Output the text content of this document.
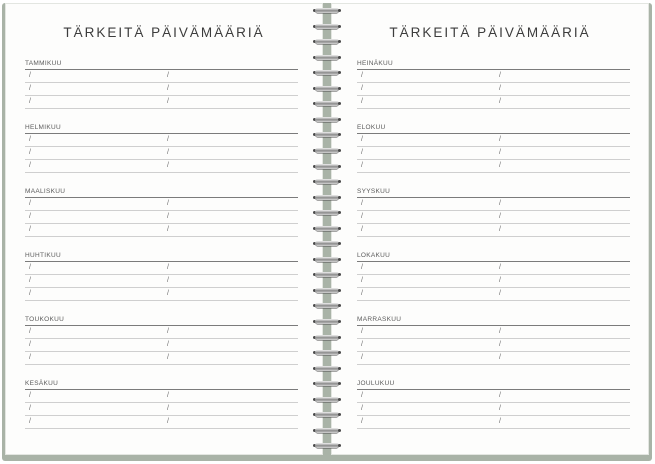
TÄRKEITÄ PÄIVÄMÄÄRIÄ
TAMMIKUU
/	/
/	/
/	/
HELMIKUU
/	/
/	/
/	/
MAALISKUU
/	/
/	/
/	/
HUHTIKUU
/	/
/	/
/	/
TOUKOKUU
/	/
/	/
/	/
KESÄKUU
/	/
/	/
/	/
TÄRKEITÄ PÄIVÄMÄÄRIÄ
HEINÄKUU
/	/
/	/
/	/
ELOKUU
/	/
/	/
/	/
SYYSKUU
/	/
/	/
/	/
LOKAKUU
/	/
/	/
/	/
MARRASKUU
/	/
/	/
/	/
JOULUKUU
/	/
/	/
/	/
